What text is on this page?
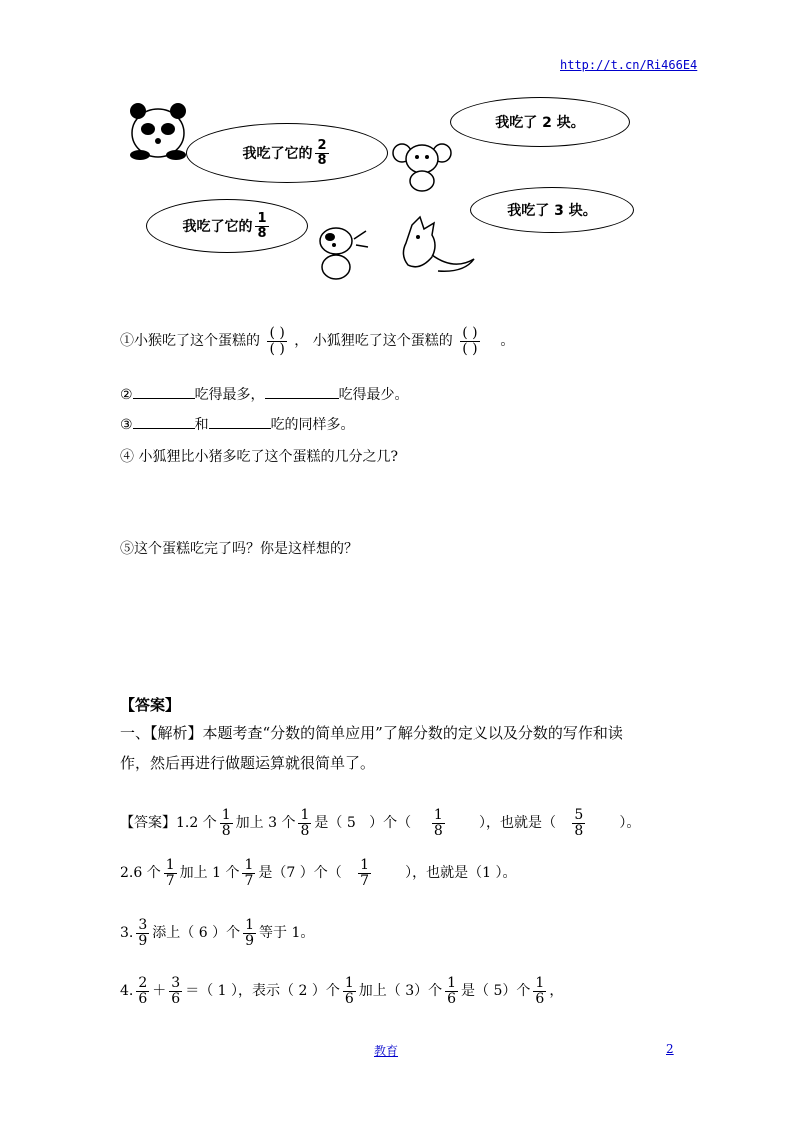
http://t.cn/Ri466E4
我吃了它的 $\frac{2}{8}$
我吃了 2 块。
我吃了它的 $\frac{1}{8}$
我吃了 3 块。
①小猴吃了这个蛋糕的 $\frac{( )}{( )}$ ， 小狐狸吃了这个蛋糕的 $\frac{( )}{( )}$ 。
②	吃得最多，	吃得最少。
③	和	吃的同样多。
④ 小狐狸比小猪多吃了这个蛋糕的几分之几?
⑤这个蛋糕吃完了吗？你是这样想的？
【答案】
一、【解析】本题考查“分数的简单应用”了解分数的定义以及分数的写作和读
作，然后再进行做题运算就很简单了。
【答案】1.2 个 $\frac{1}{8}$ 加上 3 个 $\frac{1}{8}$ 是（ 5 ）个（ $\frac{1}{8}$ ），也就是（ $\frac{5}{8}$ ）。
2.6 个 $\frac{1}{7}$ 加上 1 个 $\frac{1}{7}$ 是（7 ）个（ $\frac{1}{7}$ ），也就是（1 ）。
3. $\frac{3}{9}$ 添上（ 6 ）个 $\frac{1}{9}$ 等于 1。
4. $\frac{2}{6} + \frac{3}{6}$ ＝（ 1 ），表示（ 2 ）个 $\frac{1}{6}$ 加上（ 3）个 $\frac{1}{6}$ 是（ 5）个 $\frac{1}{6}$ ，
教育	2
